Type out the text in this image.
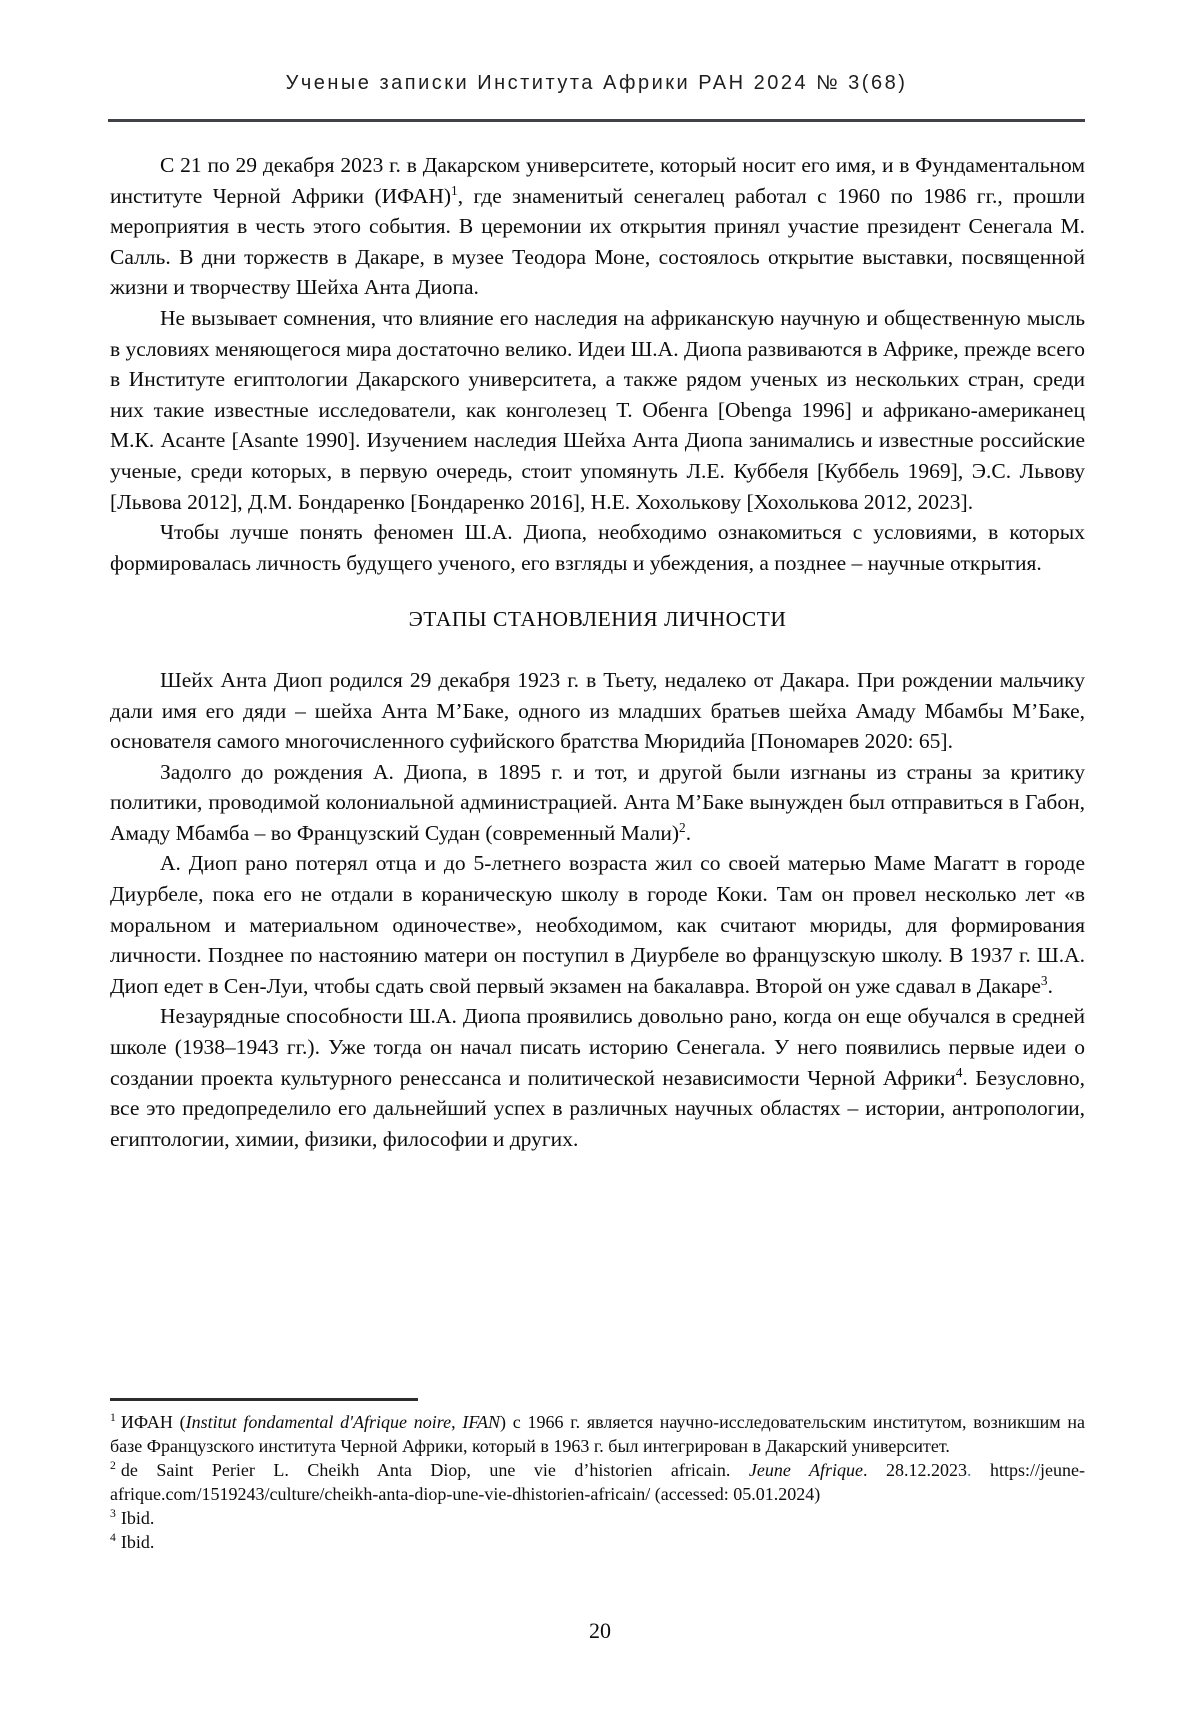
Ученые записки Института Африки РАН 2024 № 3(68)

С 21 по 29 декабря 2023 г. в Дакарском университете, который носит его имя, и в Фундаментальном институте Черной Африки (ИФАН)$^1$, где знаменитый сенегалец работал с 1960 по 1986 гг., прошли мероприятия в честь этого события. В церемонии их открытия принял участие президент Сенегала М. Салль. В дни торжеств в Дакаре, в музее Теодора Моне, состоялось открытие выставки, посвященной жизни и творчеству Шейха Анта Диопа.

Не вызывает сомнения, что влияние его наследия на африканскую научную и общественную мысль в условиях меняющегося мира достаточно велико. Идеи Ш.А. Диопа развиваются в Африке, прежде всего в Институте египтологии Дакарского университета, а также рядом ученых из нескольких стран, среди них такие известные исследователи, как конголезец Т. Обенга [Obenga 1996] и африкано-американец М.К. Асанте [Asante 1990]. Изучением наследия Шейха Анта Диопа занимались и известные российские ученые, среди которых, в первую очередь, стоит упомянуть Л.Е. Куббеля [Куббель 1969], Э.С. Львову [Львова 2012], Д.М. Бондаренко [Бондаренко 2016], Н.Е. Хохолькову [Хохолькова 2012, 2023].

Чтобы лучше понять феномен Ш.А. Диопа, необходимо ознакомиться с условиями, в которых формировалась личность будущего ученого, его взгляды и убеждения, а позднее – научные открытия.

ЭТАПЫ СТАНОВЛЕНИЯ ЛИЧНОСТИ

Шейх Анта Диоп родился 29 декабря 1923 г. в Тьету, недалеко от Дакара. При рождении мальчику дали имя его дяди – шейха Анта М’Баке, одного из младших братьев шейха Амаду Мбамбы М’Баке, основателя самого многочисленного суфийского братства Мюридийа [Пономарев 2020: 65].

Задолго до рождения А. Диопа, в 1895 г. и тот, и другой были изгнаны из страны за критику политики, проводимой колониальной администрацией. Анта М’Баке вынужден был отправиться в Габон, Амаду Мбамба – во Французский Судан (современный Мали)$^2$.

А. Диоп рано потерял отца и до 5-летнего возраста жил со своей матерью Маме Магатт в городе Диурбеле, пока его не отдали в кораническую школу в городе Коки. Там он провел несколько лет «в моральном и материальном одиночестве», необходимом, как считают мюриды, для формирования личности. Позднее по настоянию матери он поступил в Диурбеле во французскую школу. В 1937 г. Ш.А. Диоп едет в Сен-Луи, чтобы сдать свой первый экзамен на бакалавра. Второй он уже сдавал в Дакаре$^3$.

Незаурядные способности Ш.А. Диопа проявились довольно рано, когда он еще обучался в средней школе (1938–1943 гг.). Уже тогда он начал писать историю Сенегала. У него появились первые идеи о создании проекта культурного ренессанса и политической независимости Черной Африки$^4$. Безусловно, все это предопределило его дальнейший успех в различных научных областях – истории, антропологии, египтологии, химии, физики, философии и других.

$^1$ ИФАН (Institut fondamental d'Afrique noire, IFAN) с 1966 г. является научно-исследовательским институтом, возникшим на базе Французского института Черной Африки, который в 1963 г. был интегрирован в Дакарский университет.

$^2$ de Saint Perier L. Cheikh Anta Diop, une vie d’historien africain. Jeune Afrique. 28.12.2023. https://jeune-afrique.com/1519243/culture/cheikh-anta-diop-une-vie-dhistorien-africain/ (accessed: 05.01.2024)

$^3$ Ibid.

$^4$ Ibid.

20
